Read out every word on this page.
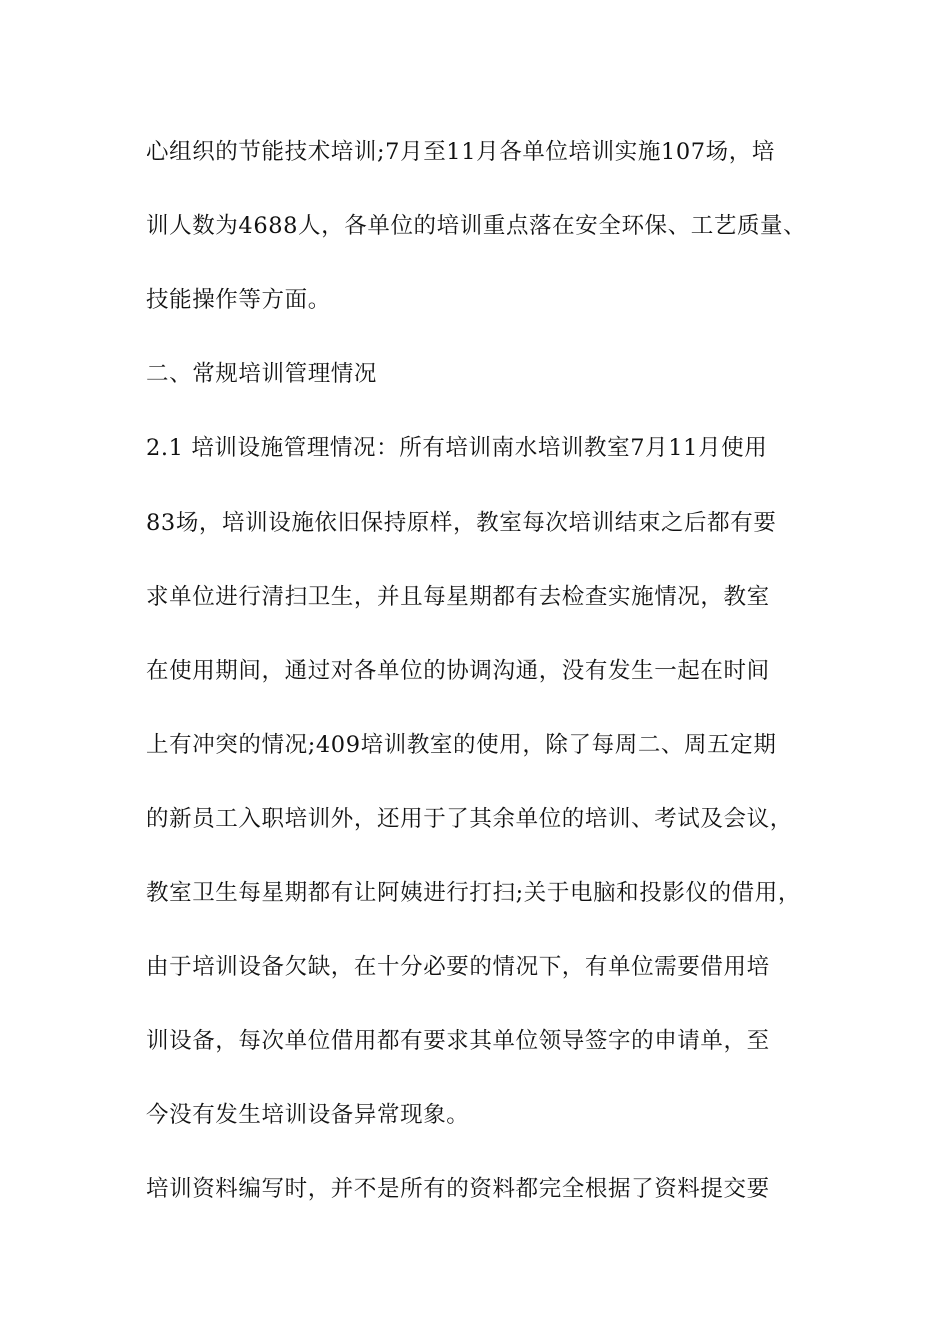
心组织的节能技术培训;7月至11月各单位培训实施107场，培
训人数为4688人，各单位的培训重点落在安全环保、工艺质量、
技能操作等方面。
二、常规培训管理情况
2.1 培训设施管理情况：所有培训南水培训教室7月11月使用
83场，培训设施依旧保持原样，教室每次培训结束之后都有要
求单位进行清扫卫生，并且每星期都有去检查实施情况，教室
在使用期间，通过对各单位的协调沟通，没有发生一起在时间
上有冲突的情况;409培训教室的使用，除了每周二、周五定期
的新员工入职培训外，还用于了其余单位的培训、考试及会议，
教室卫生每星期都有让阿姨进行打扫;关于电脑和投影仪的借用，
由于培训设备欠缺，在十分必要的情况下，有单位需要借用培
训设备，每次单位借用都有要求其单位领导签字的申请单，至
今没有发生培训设备异常现象。
培训资料编写时，并不是所有的资料都完全根据了资料提交要
